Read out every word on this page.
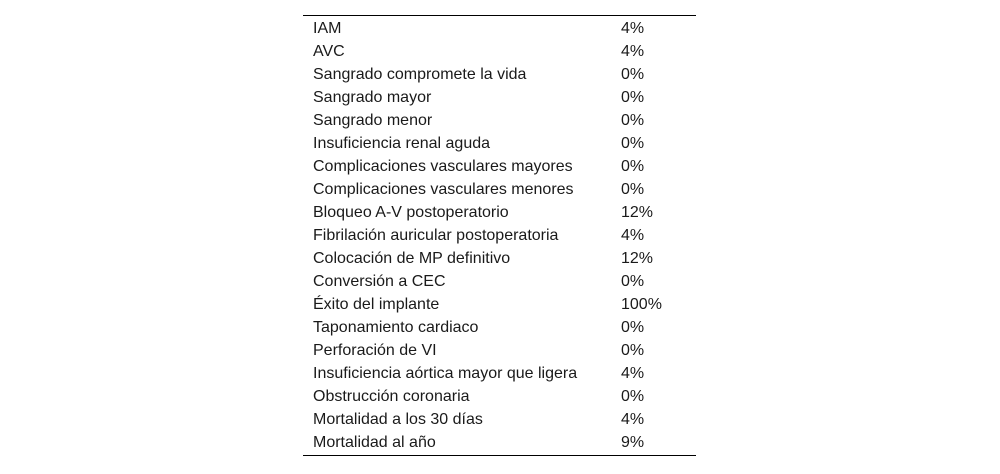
IAM	4%
AVC	4%
Sangrado compromete la vida	0%
Sangrado mayor	0%
Sangrado menor	0%
Insuficiencia renal aguda	0%
Complicaciones vasculares mayores	0%
Complicaciones vasculares menores	0%
Bloqueo A-V postoperatorio	12%
Fibrilación auricular postoperatoria	4%
Colocación de MP definitivo	12%
Conversión a CEC	0%
Éxito del implante	100%
Taponamiento cardiaco	0%
Perforación de VI	0%
Insuficiencia aórtica mayor que ligera	4%
Obstrucción coronaria	0%
Mortalidad a los 30 días	4%
Mortalidad al año	9%
